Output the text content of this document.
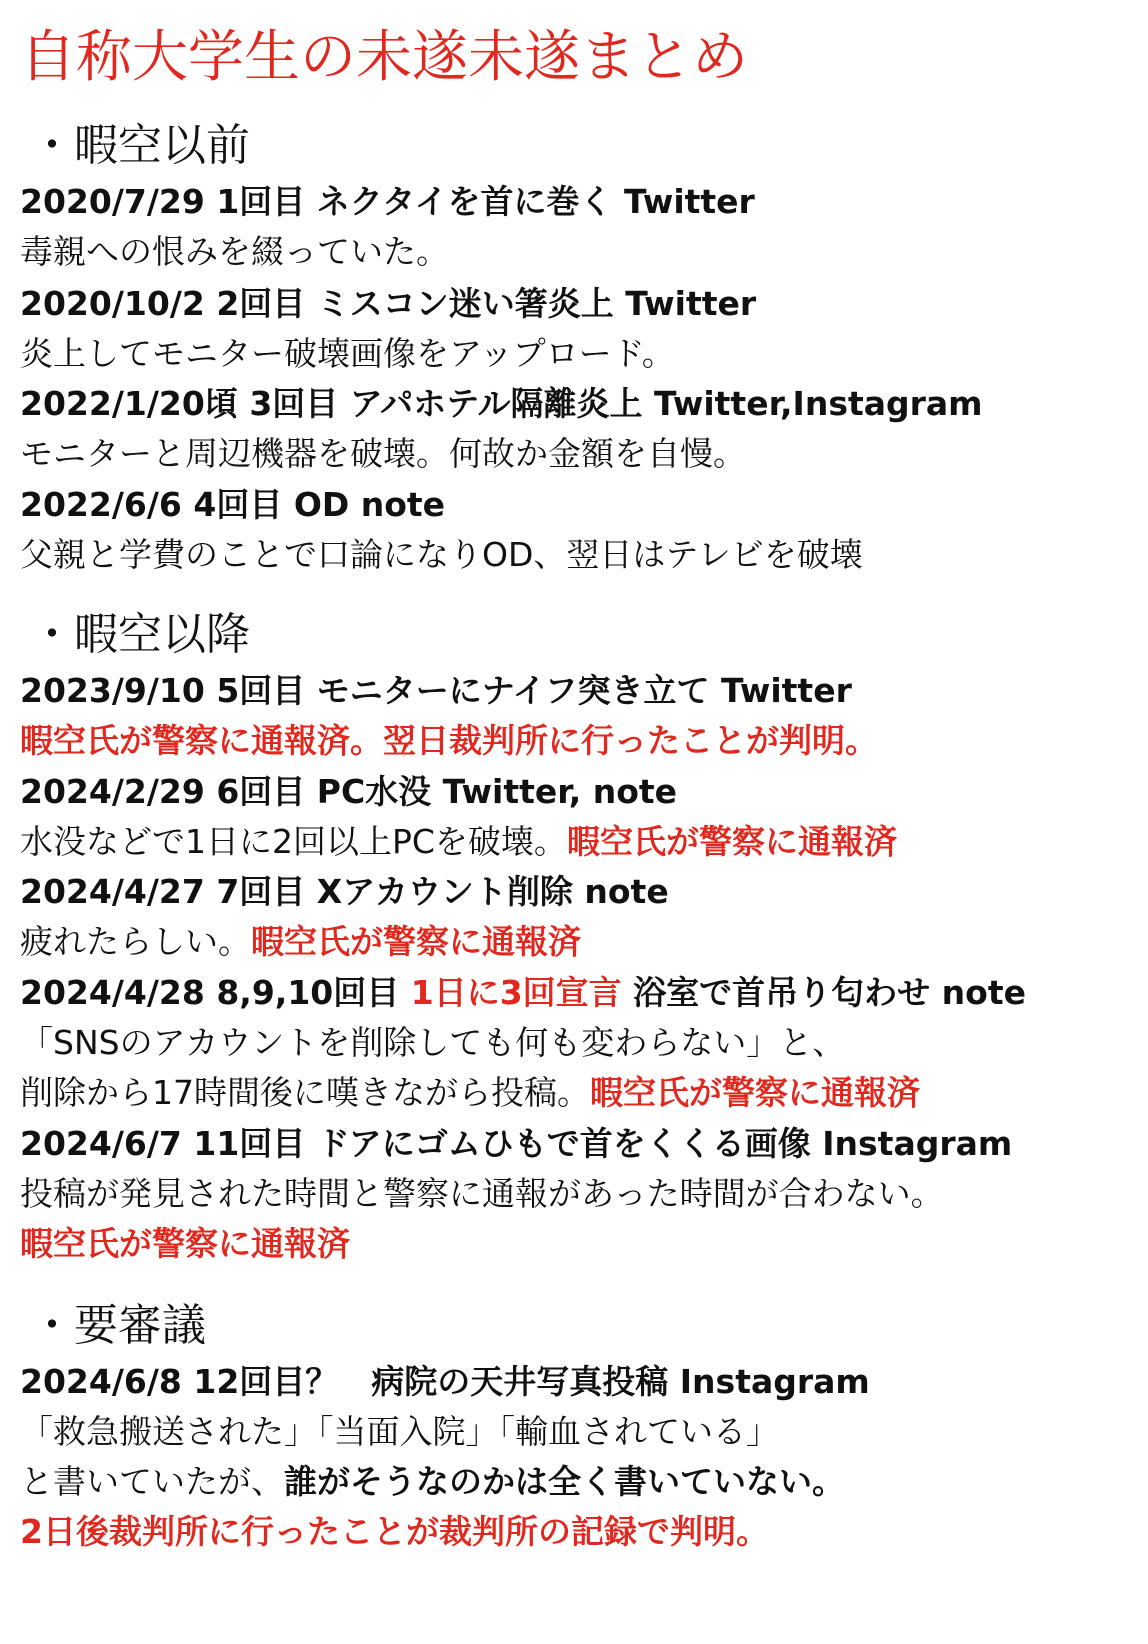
自称大学生の未遂未遂まとめ
・暇空以前
2020/7/29 1回目 ネクタイを首に巻く Twitter
毒親への恨みを綴っていた。
2020/10/2 2回目 ミスコン迷い箸炎上 Twitter
炎上してモニター破壊画像をアップロード。
2022/1/20頃 3回目 アパホテル隔離炎上 Twitter,Instagram
モニターと周辺機器を破壊。何故か金額を自慢。
2022/6/6 4回目 OD note
父親と学費のことで口論になりOD、翌日はテレビを破壊
・暇空以降
2023/9/10 5回目 モニターにナイフ突き立て Twitter
暇空氏が警察に通報済。翌日裁判所に行ったことが判明。
2024/2/29 6回目 PC水没 Twitter, note
水没などで1日に2回以上PCを破壊。暇空氏が警察に通報済
2024/4/27 7回目 Xアカウント削除 note
疲れたらしい。暇空氏が警察に通報済
2024/4/28 8,9,10回目 1日に3回宣言 浴室で首吊り匂わせ note
「SNSのアカウントを削除しても何も変わらない」と、
削除から17時間後に嘆きながら投稿。暇空氏が警察に通報済
2024/6/7 11回目 ドアにゴムひもで首をくくる画像 Instagram
投稿が発見された時間と警察に通報があった時間が合わない。
暇空氏が警察に通報済
・要審議
2024/6/8 12回目？　病院の天井写真投稿 Instagram
「救急搬送された」「当面入院」「輸血されている」
と書いていたが、誰がそうなのかは全く書いていない。
2日後裁判所に行ったことが裁判所の記録で判明。
